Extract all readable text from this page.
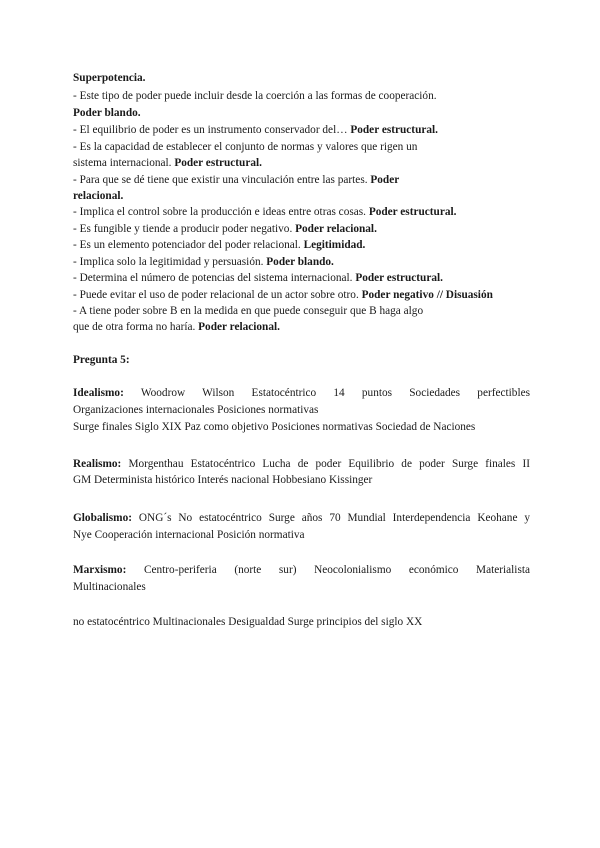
Superpotencia.
- Este tipo de poder puede incluir desde la coerción a las formas de cooperación.
Poder blando.
- El equilibrio de poder es un instrumento conservador del… Poder estructural.
- Es la capacidad de establecer el conjunto de normas y valores que rigen un
sistema internacional. Poder estructural.
- Para que se dé tiene que existir una vinculación entre las partes. Poder
relacional.
- Implica el control sobre la producción e ideas entre otras cosas. Poder estructural.
- Es fungible y tiende a producir poder negativo. Poder relacional.
- Es un elemento potenciador del poder relacional. Legitimidad.
- Implica solo la legitimidad y persuasión. Poder blando.
- Determina el número de potencias del sistema internacional. Poder estructural.
- Puede evitar el uso de poder relacional de un actor sobre otro. Poder negativo // Disuasión
- A tiene poder sobre B en la medida en que puede conseguir que B haga algo
que de otra forma no haría. Poder relacional.
Pregunta 5:
Idealismo: Woodrow Wilson Estatocéntrico 14 puntos Sociedades perfectibles
Organizaciones internacionales Posiciones normativas
Surge finales Siglo XIX Paz como objetivo Posiciones normativas Sociedad de Naciones
Realismo: Morgenthau Estatocéntrico Lucha de poder Equilibrio de poder Surge finales II
GM Determinista histórico Interés nacional Hobbesiano Kissinger
Globalismo: ONG´s No estatocéntrico Surge años 70 Mundial Interdependencia Keohane y
Nye Cooperación internacional Posición normativa
Marxismo: Centro-periferia (norte sur) Neocolonialismo económico Materialista
Multinacionales
no estatocéntrico Multinacionales Desigualdad Surge principios del siglo XX
